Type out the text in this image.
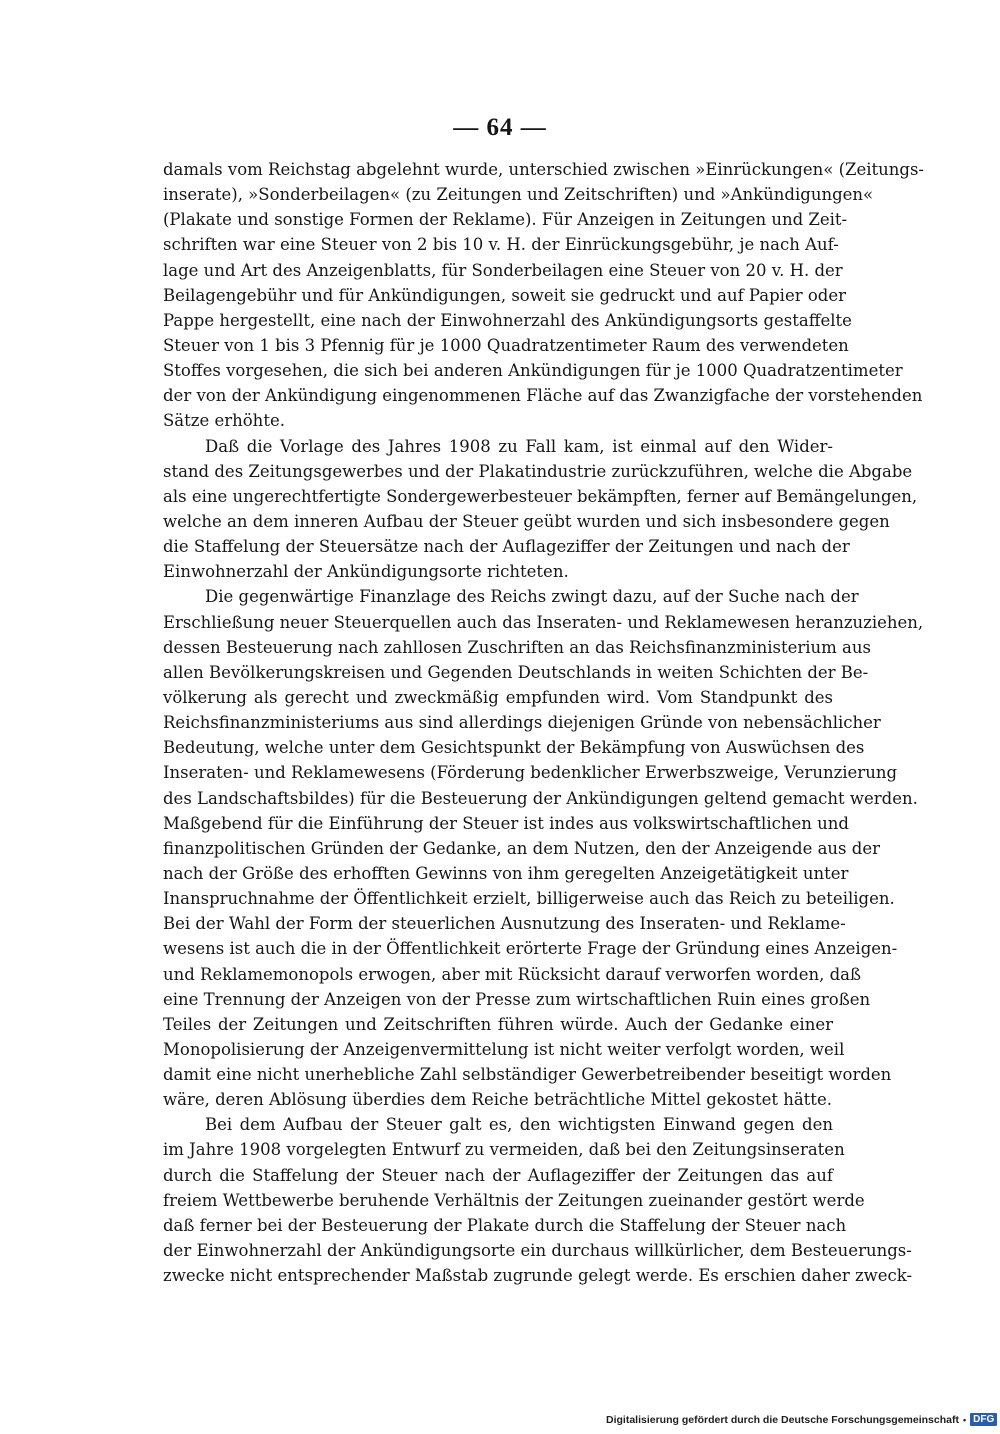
— 64 —
damals vom Reichstag abgelehnt wurde, unterschied zwischen »Einrückungen« (Zeitungs-
inserate), »Sonderbeilagen« (zu Zeitungen und Zeitschriften) und »Ankündigungen«
(Plakate und sonstige Formen der Reklame). Für Anzeigen in Zeitungen und Zeit-
schriften war eine Steuer von 2 bis 10 v. H. der Einrückungsgebühr, je nach Auf-
lage und Art des Anzeigenblatts, für Sonderbeilagen eine Steuer von 20 v. H. der
Beilagengebühr und für Ankündigungen, soweit sie gedruckt und auf Papier oder
Pappe hergestellt, eine nach der Einwohnerzahl des Ankündigungsorts gestaffelte
Steuer von 1 bis 3 Pfennig für je 1000 Quadratzentimeter Raum des verwendeten
Stoffes vorgesehen, die sich bei anderen Ankündigungen für je 1000 Quadratzentimeter
der von der Ankündigung eingenommenen Fläche auf das Zwanzigfache der vorstehenden
Sätze erhöhte.
Daß die Vorlage des Jahres 1908 zu Fall kam, ist einmal auf den Wider-
stand des Zeitungsgewerbes und der Plakatindustrie zurückzuführen, welche die Abgabe
als eine ungerechtfertigte Sondergewerbesteuer bekämpften, ferner auf Bemängelungen,
welche an dem inneren Aufbau der Steuer geübt wurden und sich insbesondere gegen
die Staffelung der Steuersätze nach der Auflageziffer der Zeitungen und nach der
Einwohnerzahl der Ankündigungsorte richteten.
Die gegenwärtige Finanzlage des Reichs zwingt dazu, auf der Suche nach der
Erschließung neuer Steuerquellen auch das Inseraten- und Reklamewesen heranzuziehen,
dessen Besteuerung nach zahllosen Zuschriften an das Reichsfinanzministerium aus
allen Bevölkerungskreisen und Gegenden Deutschlands in weiten Schichten der Be-
völkerung als gerecht und zweckmäßig empfunden wird. Vom Standpunkt des
Reichsfinanzministeriums aus sind allerdings diejenigen Gründe von nebensächlicher
Bedeutung, welche unter dem Gesichtspunkt der Bekämpfung von Auswüchsen des
Inseraten- und Reklamewesens (Förderung bedenklicher Erwerbszweige, Verunzierung
des Landschaftsbildes) für die Besteuerung der Ankündigungen geltend gemacht werden.
Maßgebend für die Einführung der Steuer ist indes aus volkswirtschaftlichen und
finanzpolitischen Gründen der Gedanke, an dem Nutzen, den der Anzeigende aus der
nach der Größe des erhofften Gewinns von ihm geregelten Anzeigetätigkeit unter
Inanspruchnahme der Öffentlichkeit erzielt, billigerweise auch das Reich zu beteiligen.
Bei der Wahl der Form der steuerlichen Ausnutzung des Inseraten- und Reklame-
wesens ist auch die in der Öffentlichkeit erörterte Frage der Gründung eines Anzeigen-
und Reklamemonopols erwogen, aber mit Rücksicht darauf verworfen worden, daß
eine Trennung der Anzeigen von der Presse zum wirtschaftlichen Ruin eines großen
Teiles der Zeitungen und Zeitschriften führen würde. Auch der Gedanke einer
Monopolisierung der Anzeigenvermittelung ist nicht weiter verfolgt worden, weil
damit eine nicht unerhebliche Zahl selbständiger Gewerbetreibender beseitigt worden
wäre, deren Ablösung überdies dem Reiche beträchtliche Mittel gekostet hätte.
Bei dem Aufbau der Steuer galt es, den wichtigsten Einwand gegen den
im Jahre 1908 vorgelegten Entwurf zu vermeiden, daß bei den Zeitungsinseraten
durch die Staffelung der Steuer nach der Auflageziffer der Zeitungen das auf
freiem Wettbewerbe beruhende Verhältnis der Zeitungen zueinander gestört werde
daß ferner bei der Besteuerung der Plakate durch die Staffelung der Steuer nach
der Einwohnerzahl der Ankündigungsorte ein durchaus willkürlicher, dem Besteuerungs-
zwecke nicht entsprechender Maßstab zugrunde gelegt werde. Es erschien daher zweck-
Digitalisierung gefördert durch die Deutsche Forschungsgemeinschaft • DFG
